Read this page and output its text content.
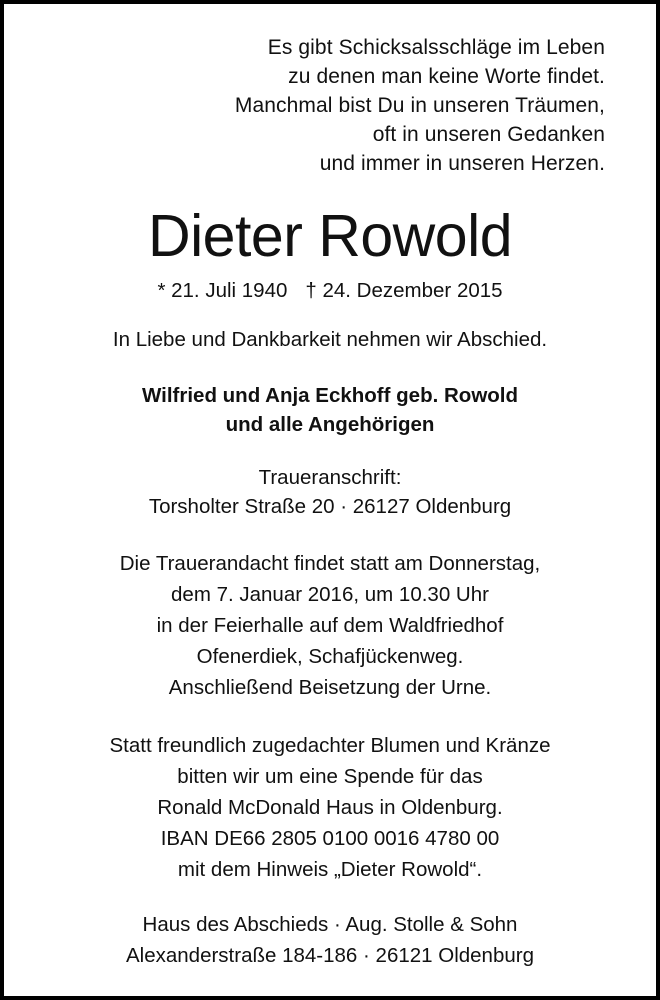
Es gibt Schicksalsschläge im Leben
zu denen man keine Worte findet.
Manchmal bist Du in unseren Träumen,
oft in unseren Gedanken
und immer in unseren Herzen.
Dieter Rowold
* 21. Juli 1940 † 24. Dezember 2015
In Liebe und Dankbarkeit nehmen wir Abschied.
Wilfried und Anja Eckhoff geb. Rowold
und alle Angehörigen
Traueranschrift:
Torsholter Straße 20 · 26127 Oldenburg
Die Trauerandacht findet statt am Donnerstag,
dem 7. Januar 2016, um 10.30 Uhr
in der Feierhalle auf dem Waldfriedhof
Ofenerdiek, Schafjückenweg.
Anschließend Beisetzung der Urne.
Statt freundlich zugedachter Blumen und Kränze
bitten wir um eine Spende für das
Ronald McDonald Haus in Oldenburg.
IBAN DE66 2805 0100 0016 4780 00
mit dem Hinweis „Dieter Rowold“.
Haus des Abschieds · Aug. Stolle & Sohn
Alexanderstraße 184-186 · 26121 Oldenburg
